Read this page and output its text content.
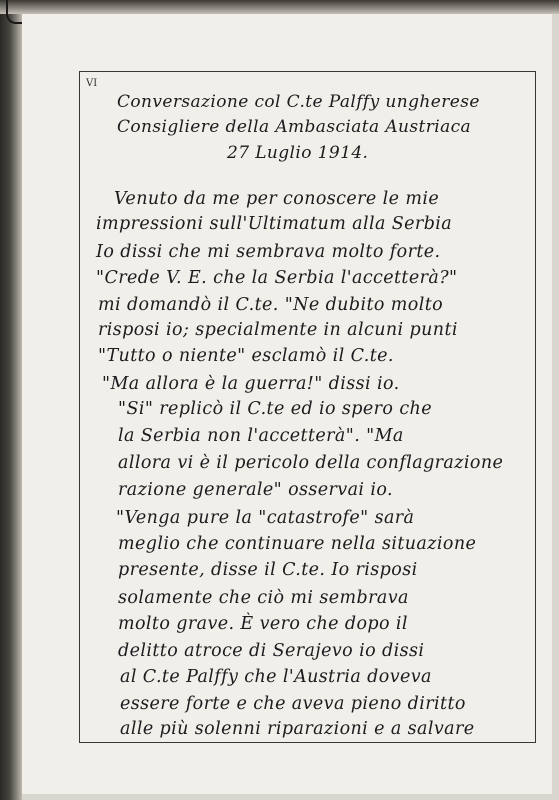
VI
Conversazione col C.te Palffy ungherese
Consigliere della Ambasciata Austriaca
27 Luglio 1914.
Venuto da me per conoscere le mie
impressioni sull'Ultimatum alla Serbia
Io dissi che mi sembrava molto forte.
"Crede V. E. che la Serbia l'accetterà?"
mi domandò il C.te. "Ne dubito molto
risposi io; specialmente in alcuni punti
"Tutto o niente" esclamò il C.te.
"Ma allora è la guerra!" dissi io.
"Si" replicò il C.te ed io spero che
la Serbia non l'accetterà". "Ma
allora vi è il pericolo della conflagrazione
razione generale" osservai io.
"Venga pure la "catastrofe" sarà
meglio che continuare nella situazione
presente, disse il C.te. Io risposi
solamente che ciò mi sembrava
molto grave. È vero che dopo il
delitto atroce di Serajevo io dissi
al C.te Palffy che l'Austria doveva
essere forte e che aveva pieno diritto
alle più solenni riparazioni e a salvare
